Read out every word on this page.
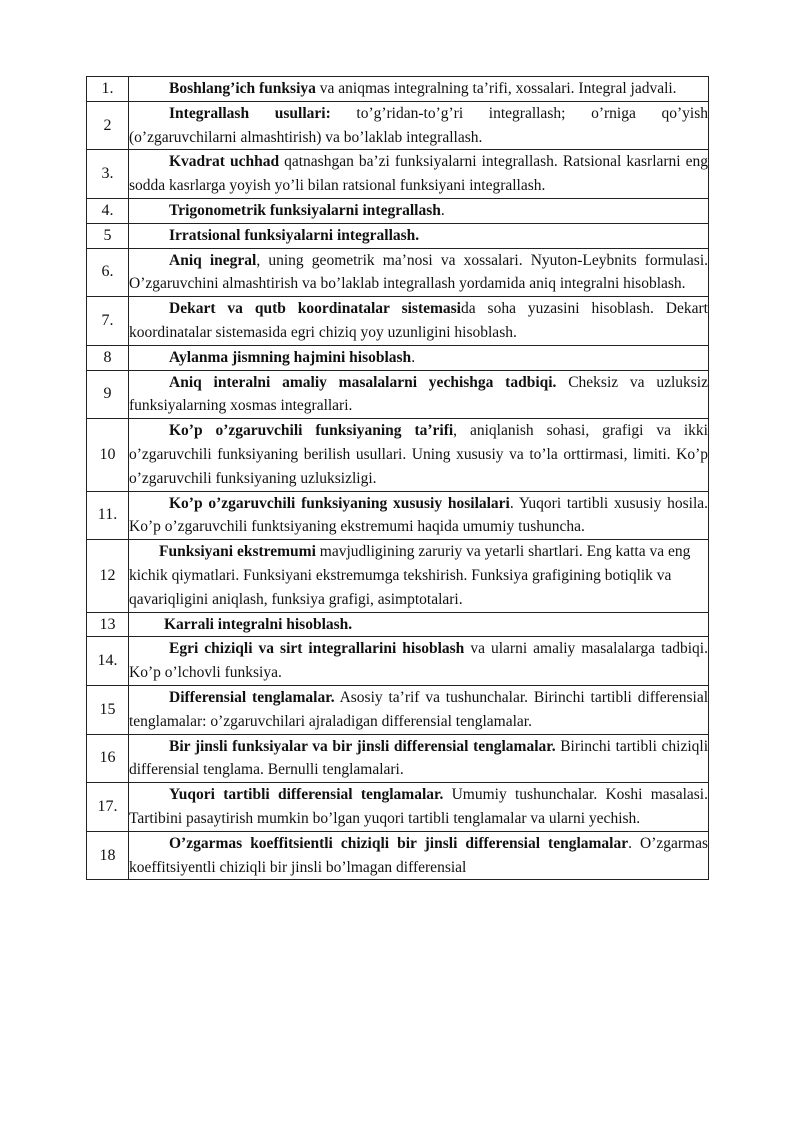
1.	Boshlang’ich funksiya va aniqmas integralning ta’rifi, xossalari. Integral jadvali.
2	Integrallash usullari: to’g’ridan-to’g’ri integrallash; o’rniga qo’yish (o’zgaruvchilarni almashtirish) va bo’laklab integrallash.
3.	Kvadrat uchhad qatnashgan ba’zi funksiyalarni integrallash. Ratsional kasrlarni eng sodda kasrlarga yoyish yo’li bilan ratsional funksiyani integrallash.
4.	Trigonometrik funksiyalarni integrallash.
5	Irratsional funksiyalarni integrallash.
6.	Aniq inegral, uning geometrik ma’nosi va xossalari. Nyuton-Leybnits formulasi. O’zgaruvchini almashtirish va bo’laklab integrallash yordamida aniq integralni hisoblash.
7.	Dekart va qutb koordinatalar sistemasida soha yuzasini hisoblash. Dekart koordinatalar sistemasida egri chiziq yoy uzunligini hisoblash.
8	Aylanma jismning hajmini hisoblash.
9	Aniq interalni amaliy masalalarni yechishga tadbiqi. Cheksiz va uzluksiz funksiyalarning xosmas integrallari.
10	Ko’p o’zgaruvchili funksiyaning ta’rifi, aniqlanish sohasi, grafigi va ikki o’zgaruvchili funksiyaning berilish usullari. Uning xususiy va to’la orttirmasi, limiti. Ko’p o’zgaruvchili funksiyaning uzluksizligi.
11.	Ko’p o’zgaruvchili funksiyaning xususiy hosilalari. Yuqori tartibli xususiy hosila. Ko’p o’zgaruvchili funktsiyaning ekstremumi haqida umumiy tushuncha.
12	Funksiyani ekstremumi mavjudligining zaruriy va yetarli shartlari. Eng katta va eng kichik qiymatlari. Funksiyani ekstremumga tekshirish. Funksiya grafigining botiqlik va qavariqligini aniqlash, funksiya grafigi, asimptotalari.
13	Karrali integralni hisoblash.
14.	Egri chiziqli va sirt integrallarini hisoblash va ularni amaliy masalalarga tadbiqi. Ko’p o’lchovli funksiya.
15	Differensial tenglamalar. Asosiy ta’rif va tushunchalar. Birinchi tartibli differensial tenglamalar: o’zgaruvchilari ajraladigan differensial tenglamalar.
16	Bir jinsli funksiyalar va bir jinsli differensial tenglamalar. Birinchi tartibli chiziqli differensial tenglama. Bernulli tenglamalari.
17.	Yuqori tartibli differensial tenglamalar. Umumiy tushunchalar. Koshi masalasi. Tartibini pasaytirish mumkin bo’lgan yuqori tartibli tenglamalar va ularni yechish.
18	O’zgarmas koeffitsientli chiziqli bir jinsli differensial tenglamalar. O’zgarmas koeffitsiyentli chiziqli bir jinsli bo’lmagan differensial
